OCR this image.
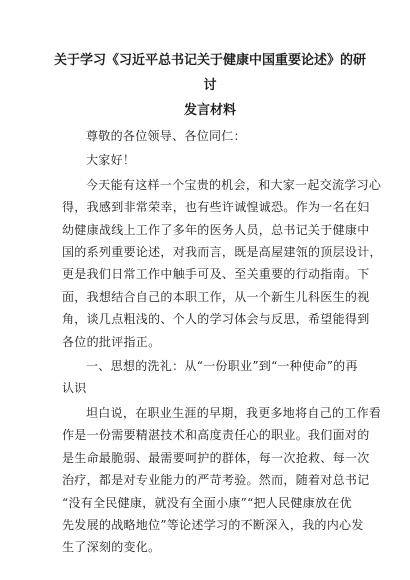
关于学习《习近平总书记关于健康中国重要论述》的研讨
发言材料

尊敬的各位领导、各位同仁：

大家好！

今天能有这样一个宝贵的机会，和大家一起交流学习心
得，我感到非常荣幸，也有些许诚惶诚恐。作为一名在妇
幼健康战线上工作了多年的医务人员，总书记关于健康中
国的系列重要论述，对我而言，既是高屋建瓴的顶层设计，
更是我们日常工作中触手可及、至关重要的行动指南。下
面，我想结合自己的本职工作，从一个新生儿科医生的视
角，谈几点粗浅的、个人的学习体会与反思，希望能得到
各位的批评指正。

一、思想的洗礼：从“一份职业”到“一种使命”的再
认识

坦白说，在职业生涯的早期，我更多地将自己的工作看
作是一份需要精湛技术和高度责任心的职业。我们面对的
是生命最脆弱、最需要呵护的群体，每一次抢救、每一次
治疗，都是对专业能力的严苛考验。然而，随着对总书记
“没有全民健康，就没有全面小康”“把人民健康放在优
先发展的战略地位”等论述学习的不断深入，我的内心发
生了深刻的变化。
